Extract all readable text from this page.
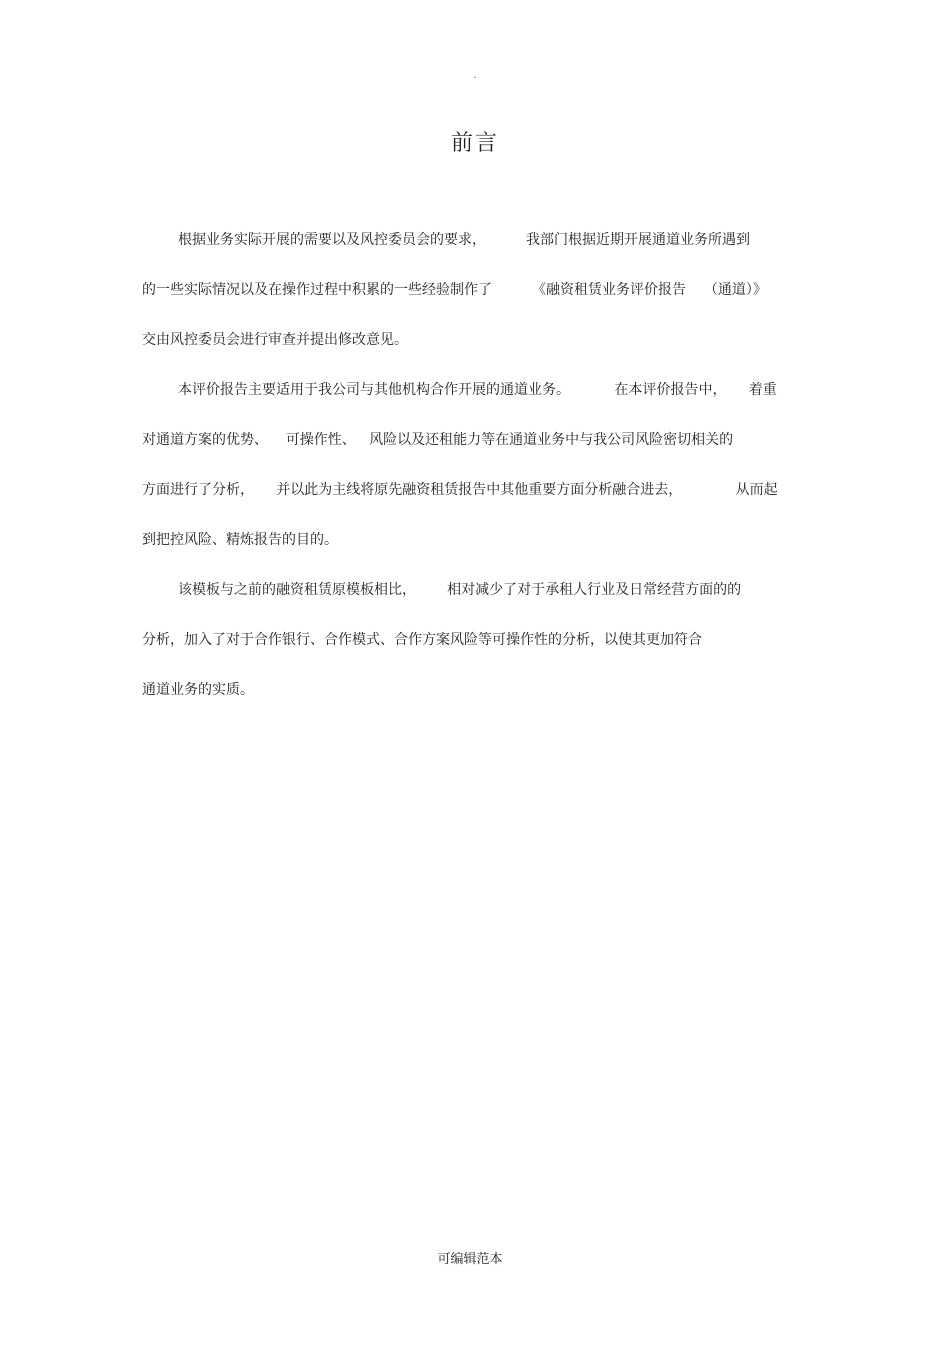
.
前言
根据业务实际开展的需要以及风控委员会的要求，         我部门根据近期开展通道业务所遇到
的一些实际情况以及在操作过程中积累的一些经验制作了         《融资租赁业务评价报告    （通道）》
交由风控委员会进行审查并提出修改意见。
本评价报告主要适用于我公司与其他机构合作开展的通道业务。          在本评价报告中，     着重
对通道方案的优势、    可操作性、   风险以及还租能力等在通道业务中与我公司风险密切相关的
方面进行了分析，     并以此为主线将原先融资租赁报告中其他重要方面分析融合进去，            从而起
到把控风险、精炼报告的目的。
该模板与之前的融资租赁原模板相比，       相对减少了对于承租人行业及日常经营方面的的
分析，加入了对于合作银行、合作模式、合作方案风险等可操作性的分析，以使其更加符合
通道业务的实质。
可编辑范本
